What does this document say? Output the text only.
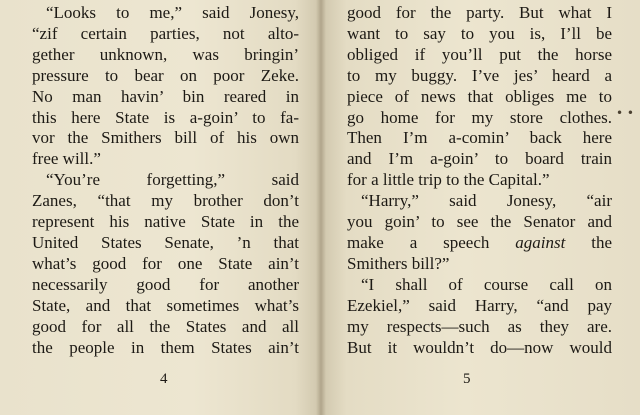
“Looks to me,” said Jonesy,
“zif certain parties, not alto-
gether unknown, was bringin’
pressure to bear on poor Zeke.
No man havin’ bin reared in
this here State is a-goin’ to fa-
vor the Smithers bill of his own
free will.”
“You’re forgetting,” said
Zanes, “that my brother don’t
represent his native State in the
United States Senate, ’n that
what’s good for one State ain’t
necessarily good for another
State, and that sometimes what’s
good for all the States and all
the people in them States ain’t
4
good for the party. But what I
want to say to you is, I’ll be
obliged if you’ll put the horse
to my buggy. I’ve jes’ heard a
piece of news that obliges me to
go home for my store clothes.
Then I’m a-comin’ back here
and I’m a-goin’ to board train
for a little trip to the Capital.”
“Harry,” said Jonesy, “air
you goin’ to see the Senator and
make a speech against the
Smithers bill?”
“I shall of course call on
Ezekiel,” said Harry, “and pay
my respects—such as they are.
But it wouldn’t do—now would
• •
5
